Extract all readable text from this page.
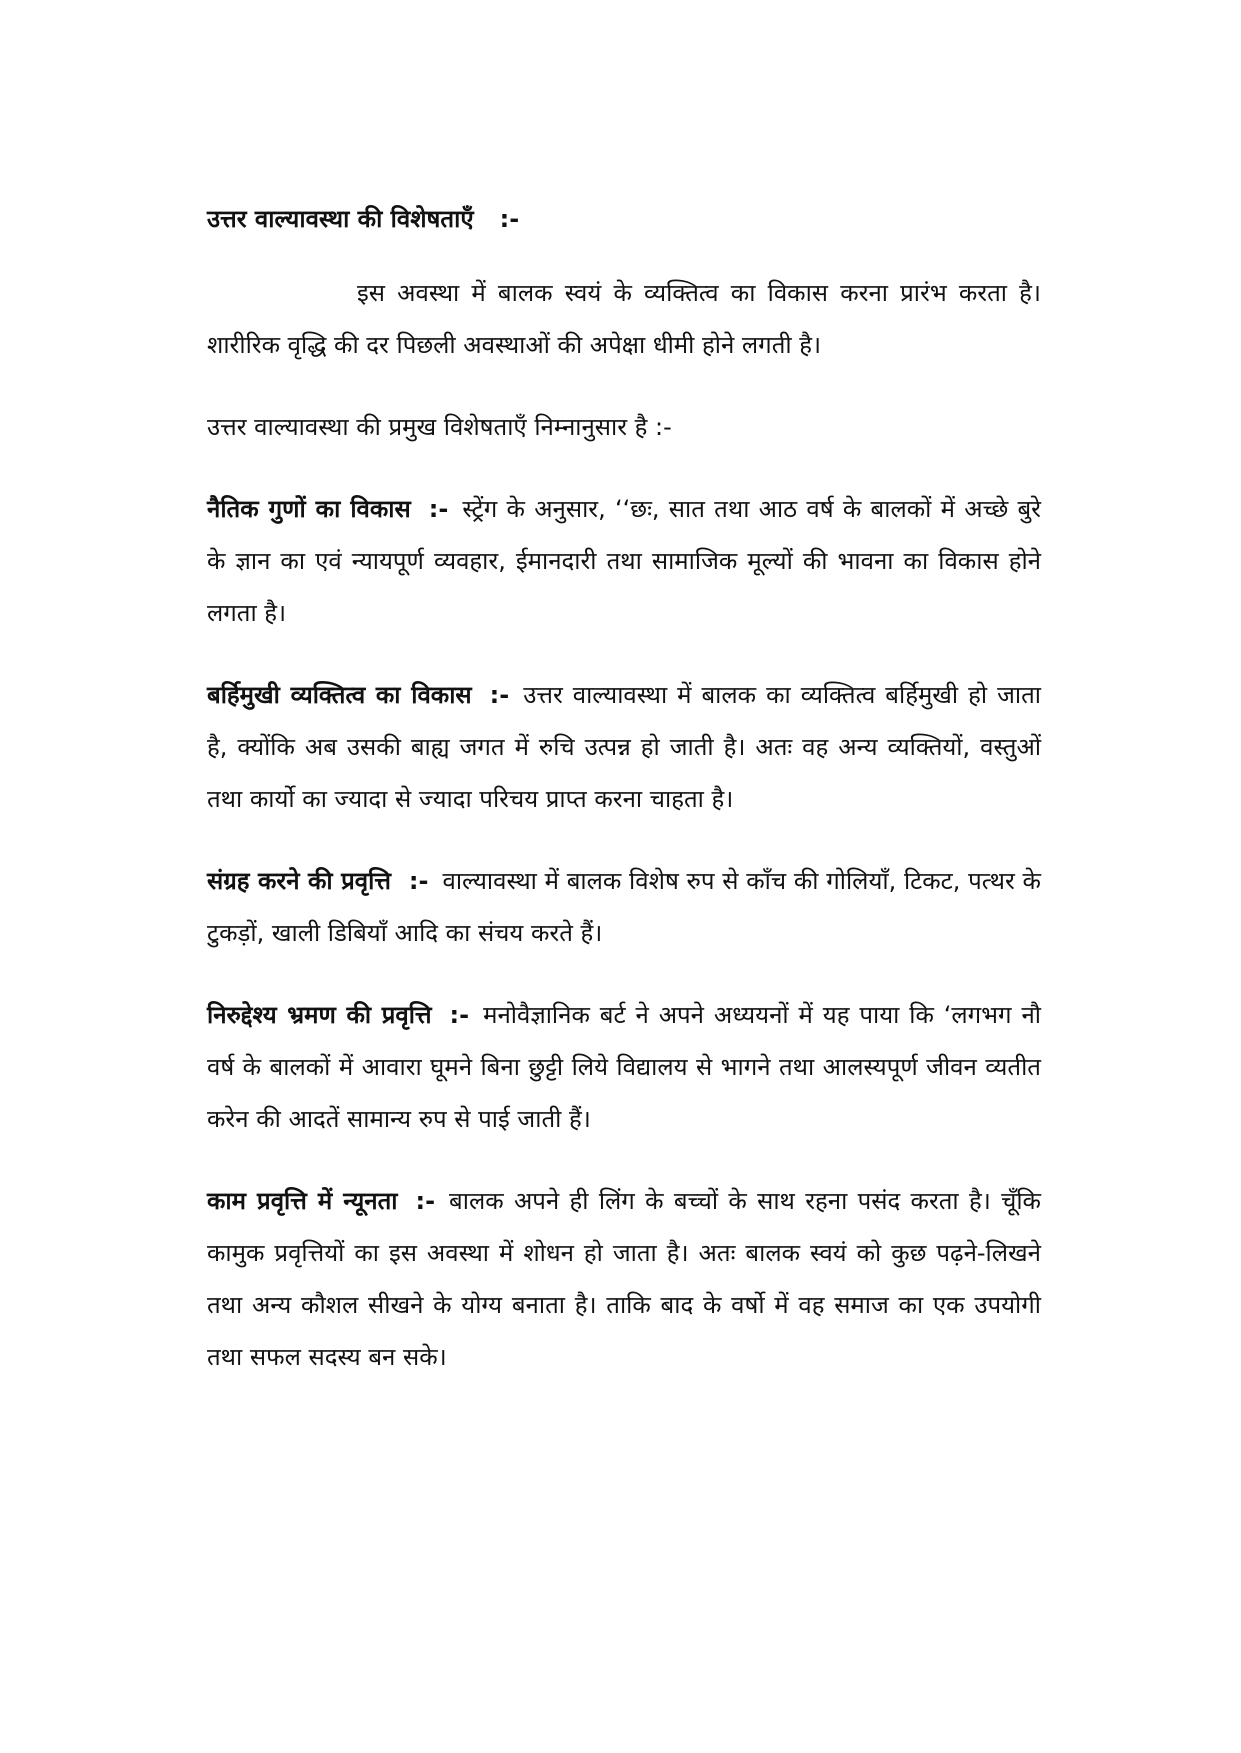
उत्तर वाल्यावस्था की विशेषताएँ :-

इस अवस्था में बालक स्वयं के व्यक्तित्व का विकास करना प्रारंभ करता है। शारीरिक वृद्धि की दर पिछली अवस्थाओं की अपेक्षा धीमी होने लगती है।

उत्तर वाल्यावस्था की प्रमुख विशेषताएँ निम्नानुसार है :-

नैतिक गुणों का विकास :- स्ट्रेंग के अनुसार, ‘‘छः, सात तथा आठ वर्ष के बालकों में अच्छे बुरे के ज्ञान का एवं न्यायपूर्ण व्यवहार, ईमानदारी तथा सामाजिक मूल्यों की भावना का विकास होने लगता है।

बर्हिमुखी व्यक्तित्व का विकास :- उत्तर वाल्यावस्था में बालक का व्यक्तित्व बर्हिमुखी हो जाता है, क्योंकि अब उसकी बाह्य जगत में रुचि उत्पन्न हो जाती है। अतः वह अन्य व्यक्तियों, वस्तुओं तथा कार्यो का ज्यादा से ज्यादा परिचय प्राप्त करना चाहता है।

संग्रह करने की प्रवृत्ति :- वाल्यावस्था में बालक विशेष रुप से काँच की गोलियाँ, टिकट, पत्थर के टुकड़ों, खाली डिबियाँ आदि का संचय करते हैं।

निरुद्देश्य भ्रमण की प्रवृत्ति :- मनोवैज्ञानिक बर्ट ने अपने अध्ययनों में यह पाया कि ‘लगभग नौ वर्ष के बालकों में आवारा घूमने बिना छुट्टी लिये विद्यालय से भागने तथा आलस्यपूर्ण जीवन व्यतीत करेन की आदतें सामान्य रुप से पाई जाती हैं।

काम प्रवृत्ति में न्यूनता :- बालक अपने ही लिंग के बच्चों के साथ रहना पसंद करता है। चूँकि कामुक प्रवृत्तियों का इस अवस्था में शोधन हो जाता है। अतः बालक स्वयं को कुछ पढ़ने-लिखने तथा अन्य कौशल सीखने के योग्य बनाता है। ताकि बाद के वर्षो में वह समाज का एक उपयोगी तथा सफल सदस्य बन सके।
